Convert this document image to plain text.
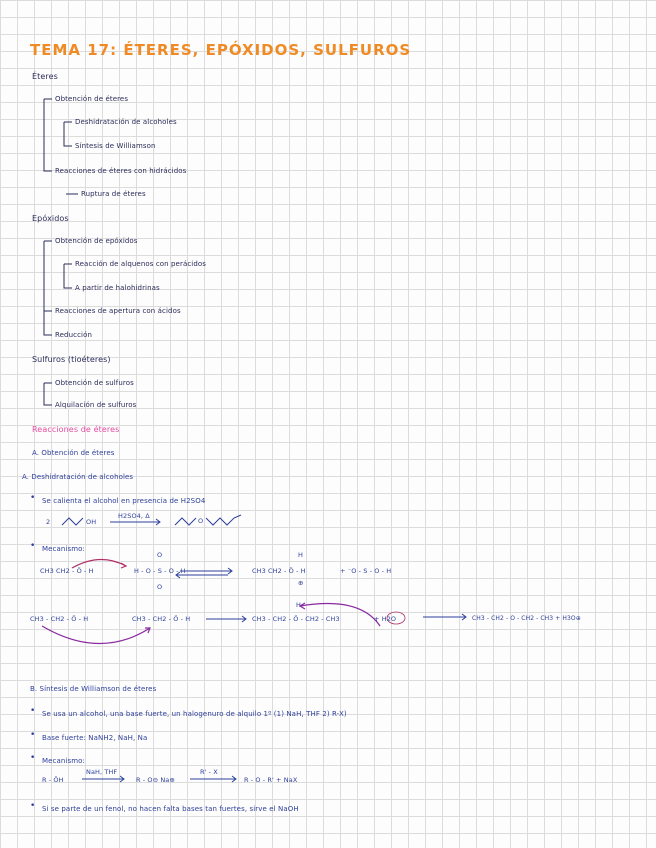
TEMA 17: ÉTERES, EPÓXIDOS, SULFUROS
Éteres
Obtención de éteres
Deshidratación de alcoholes
Síntesis de Williamson
Reacciones de éteres con hidrácidos
Ruptura de éteres
Epóxidos
Obtención de epóxidos
Reacción de alquenos con perácidos
A partir de halohidrinas
Reacciones de apertura con ácidos
Reducción
Sulfuros (tioéteres)
Obtención de sulfuros
Alquilación de sulfuros
Reacciones de éteres
A. Obtención de éteres
A. Deshidratación de alcoholes
• Se calienta el alcohol en presencia de H2SO4
2	OH
H2SO4, Δ
O
• Mecanismo:
CH3 CH2 - Ö - H
O
H - O - S - O - H
O
H
CH3 CH2 - Ö - H
⊕
+ ⁻O - S - O - H
CH3 - CH2 - Ö - H	CH3 - CH2 - Ö - H
H
CH3 - CH2 - Ö - CH2 - CH3	+ H2O	CH3 - CH2 - O - CH2 - CH3 + H3O⊕
B. Síntesis de Williamson de éteres
• Se usa un alcohol, una base fuerte, un halogenuro de alquilo 1º (1) NaH, THF 2) R-X)
• Base fuerte: NaNH2, NaH, Na
• Mecanismo:
R - ÖH
NaH, THF
R - O⊖ Na⊕
R' - X
R - O - R' + NaX
• Si se parte de un fenol, no hacen falta bases tan fuertes, sirve el NaOH
